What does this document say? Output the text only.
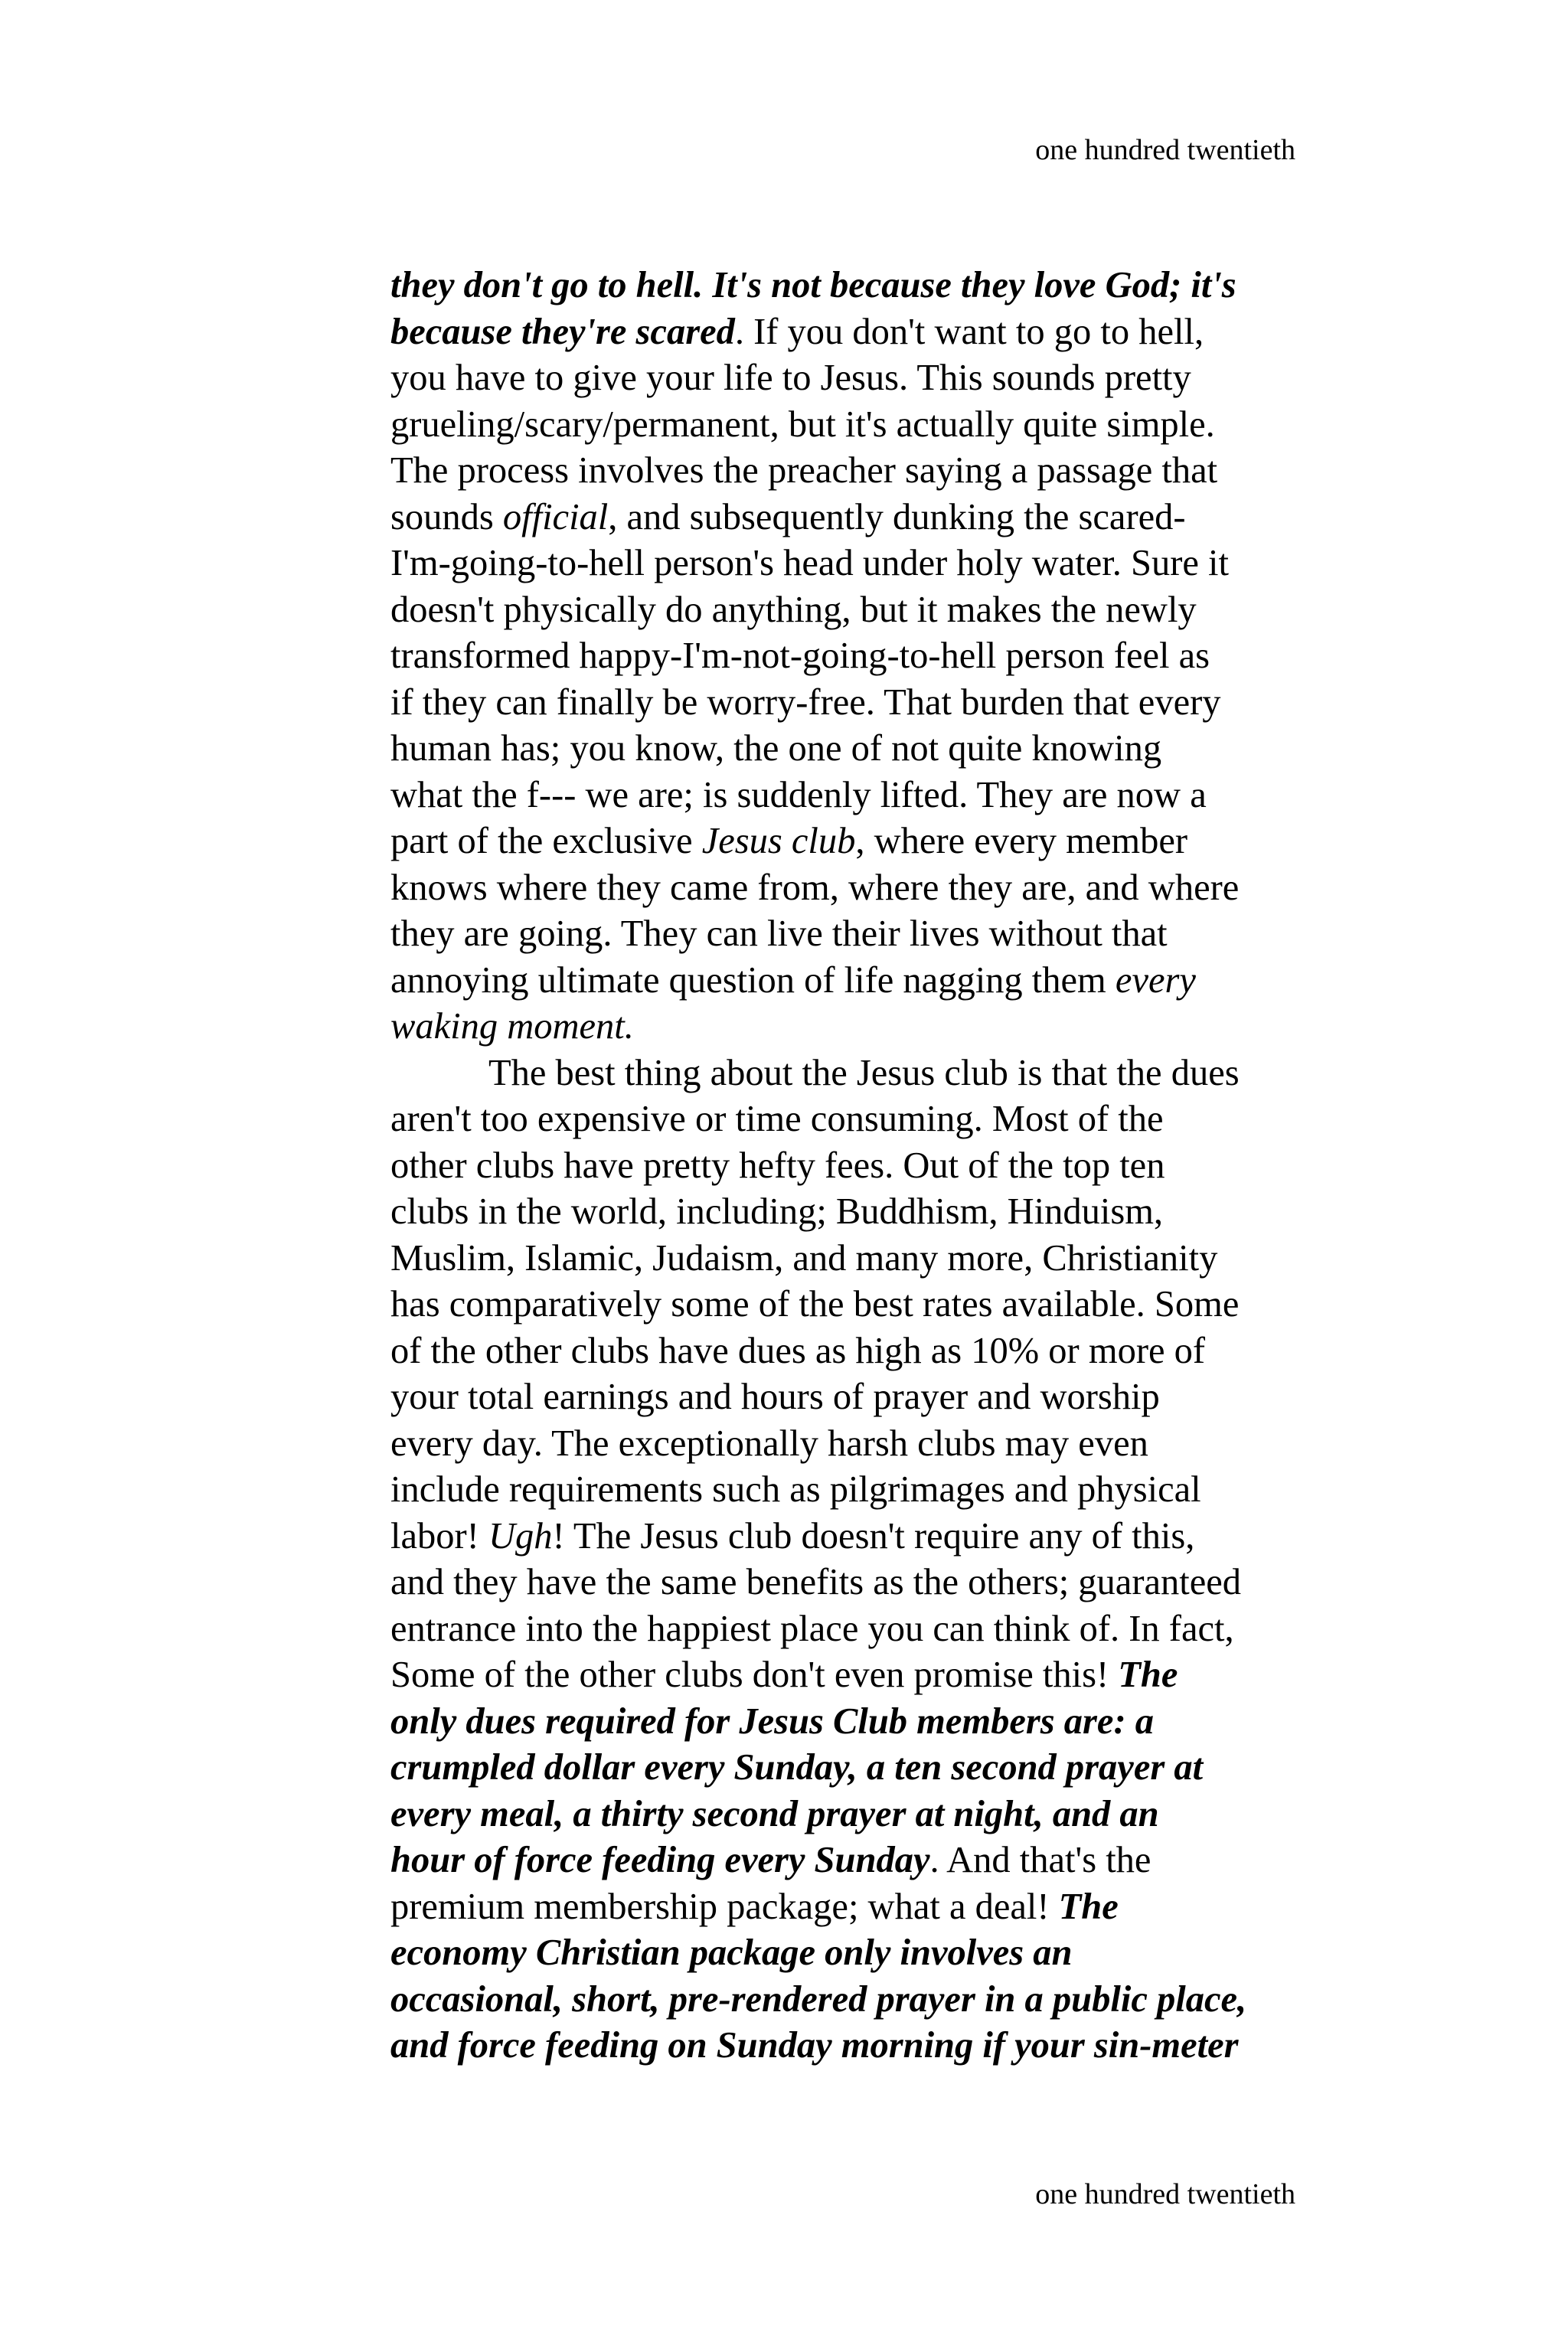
one hundred twentieth
they don't go to hell. It's not because they love God; it's
because they're scared. If you don't want to go to hell,
you have to give your life to Jesus. This sounds pretty
grueling/scary/permanent, but it's actually quite simple.
The process involves the preacher saying a passage that
sounds official, and subsequently dunking the scared-
I'm-going-to-hell person's head under holy water. Sure it
doesn't physically do anything, but it makes the newly
transformed happy-I'm-not-going-to-hell person feel as
if they can finally be worry-free. That burden that every
human has; you know, the one of not quite knowing
what the f--- we are; is suddenly lifted. They are now a
part of the exclusive Jesus club, where every member
knows where they came from, where they are, and where
they are going. They can live their lives without that
annoying ultimate question of life nagging them every
waking moment.
The best thing about the Jesus club is that the dues
aren't too expensive or time consuming. Most of the
other clubs have pretty hefty fees. Out of the top ten
clubs in the world, including; Buddhism, Hinduism,
Muslim, Islamic, Judaism, and many more, Christianity
has comparatively some of the best rates available. Some
of the other clubs have dues as high as 10% or more of
your total earnings and hours of prayer and worship
every day. The exceptionally harsh clubs may even
include requirements such as pilgrimages and physical
labor! Ugh! The Jesus club doesn't require any of this,
and they have the same benefits as the others; guaranteed
entrance into the happiest place you can think of. In fact,
Some of the other clubs don't even promise this! The
only dues required for Jesus Club members are: a
crumpled dollar every Sunday, a ten second prayer at
every meal, a thirty second prayer at night, and an
hour of force feeding every Sunday. And that's the
premium membership package; what a deal! The
economy Christian package only involves an
occasional, short, pre-rendered prayer in a public place,
and force feeding on Sunday morning if your sin-meter
one hundred twentieth
